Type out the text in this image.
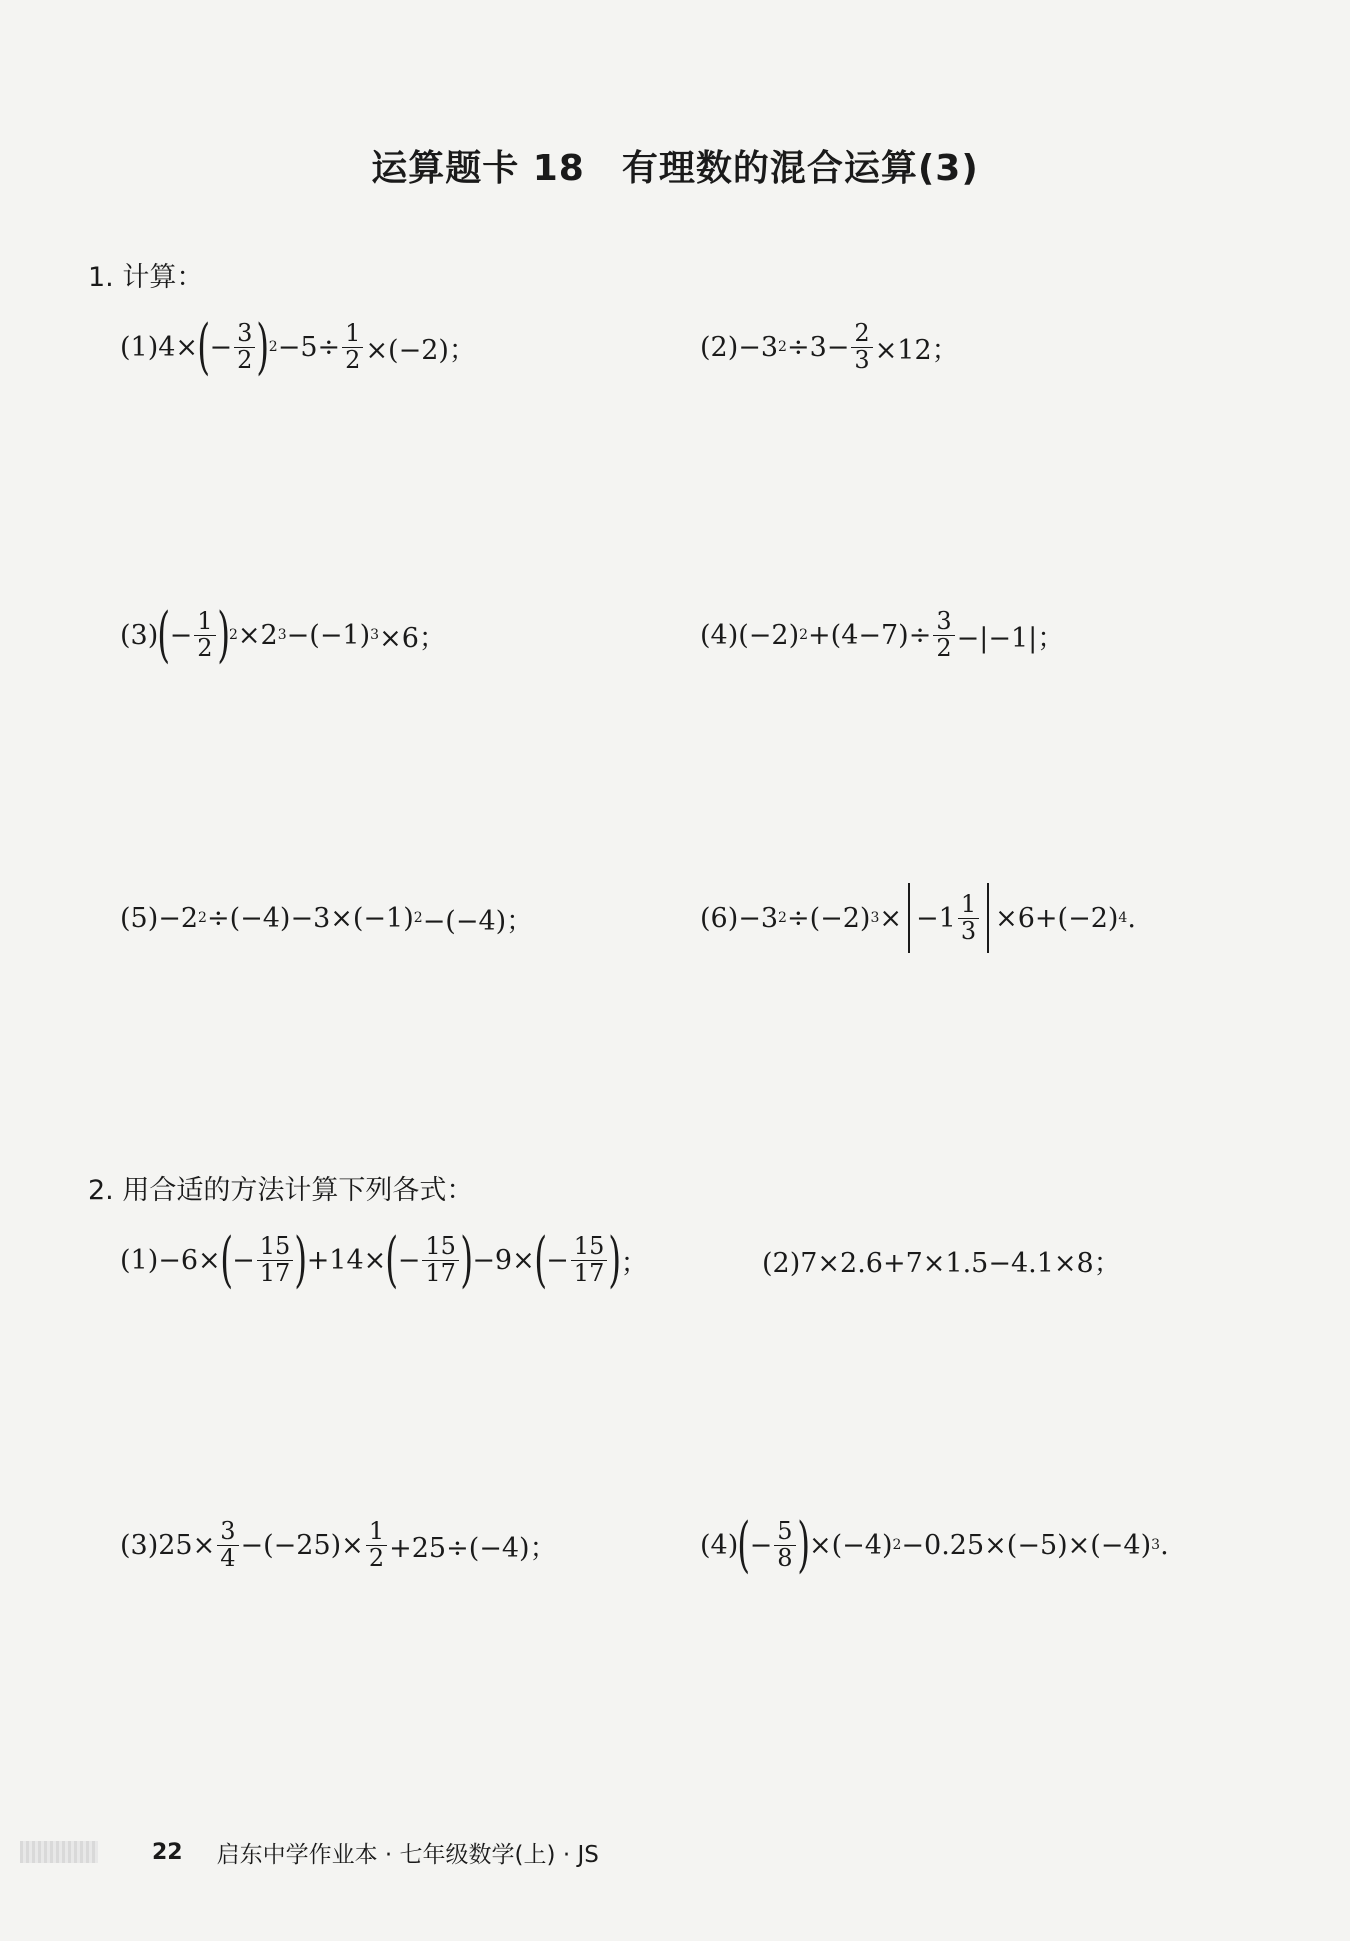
运算题卡 18　有理数的混合运算(3)
1. 计算：
(1)4× ( − $\frac{3}{2}$ ) $2 -5\div \frac{1}{2} \times(-2)$；	(2)−3 $2 \div 3- \frac{2}{3} \times 12$；
(3) ( − $\frac{1}{2}$ ) 2 ×2 3 −(−1) 3 ×6；	(4)(−2) $2 +(4-7)\div \frac{3}{2} -|-1|$；
(5)−2 2 ÷(−4)−3×(−1) 2 −(−4)；	(6)−3 2 ÷(−2) $3 \times -1 \frac{1}{3} \times 6+(-2)$ 4 .
2. 用合适的方法计算下列各式：
(1)−6× ( − $\frac{15}{17}$ ) +14× ( − $\frac{15}{17}$ ) −9× ( − $\frac{15}{17}$ ) ；	(2)7×2.6+7×1.5−4.1×8；
$(3)25\times \frac{3}{4} -(-25)\times \frac{1}{2} +25\div(-4)$；	(4) ( − $\frac{5}{8}$ ) ×(−4) 2 −0.25×(−5)×(−4) 3 .
22 启东中学作业本 · 七年级数学(上) · JS
